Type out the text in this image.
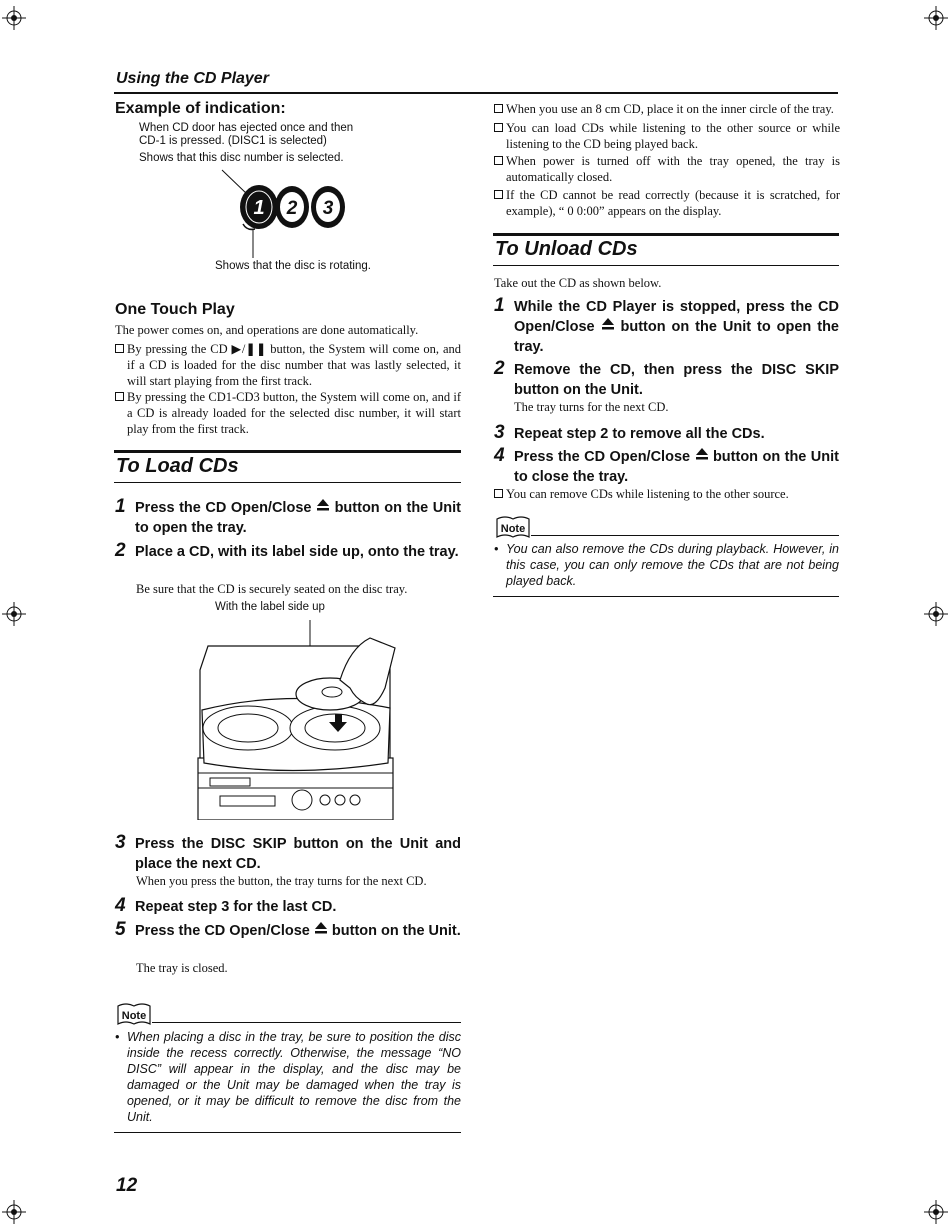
Using the CD Player
Example of indication:
When CD door has ejected once and then
CD-1 is pressed. (DISC1 is selected)
Shows that this disc number is selected.
1 2 3
Shows that the disc is rotating.
One Touch Play
The power comes on, and operations are done automatically.
By pressing the CD ▶/❚❚ button, the System will come on, and if a CD is loaded for the disc number that was lastly selected, it will start playing from the first track.
By pressing the CD1-CD3 button, the System will come on, and if a CD is already loaded for the selected disc number, it will start play from the first track.
To Load CDs
1 Press the CD Open/Close button on the Unit to open the tray.
2 Place a CD, with its label side up, onto the tray.
Be sure that the CD is securely seated on the disc tray.
With the label side up
3 Press the DISC SKIP button on the Unit and place the next CD.
When you press the button, the tray turns for the next CD.
4 Repeat step 3 for the last CD.
5 Press the CD Open/Close button on the Unit.
The tray is closed.
Note
• When placing a disc in the tray, be sure to position the disc inside the recess correctly. Otherwise, the message “NO DISC” will appear in the display, and the disc may be damaged or the Unit may be damaged when the tray is opened, or it may be difficult to remove the disc from the Unit.
12
When you use an 8 cm CD, place it on the inner circle of the tray.
You can load CDs while listening to the other source or while listening to the CD being played back.
When power is turned off with the tray opened, the tray is automatically closed.
If the CD cannot be read correctly (because it is scratched, for example), “ 0 0:00” appears on the display.
To Unload CDs
Take out the CD as shown below.
1 While the CD Player is stopped, press the CD Open/Close button on the Unit to open the tray.
2 Remove the CD, then press the DISC SKIP button on the Unit.
The tray turns for the next CD.
3 Repeat step 2 to remove all the CDs.
4 Press the CD Open/Close button on the Unit to close the tray.
You can remove CDs while listening to the other source.
Note
• You can also remove the CDs during playback. However, in this case, you can only remove the CDs that are not being played back.
